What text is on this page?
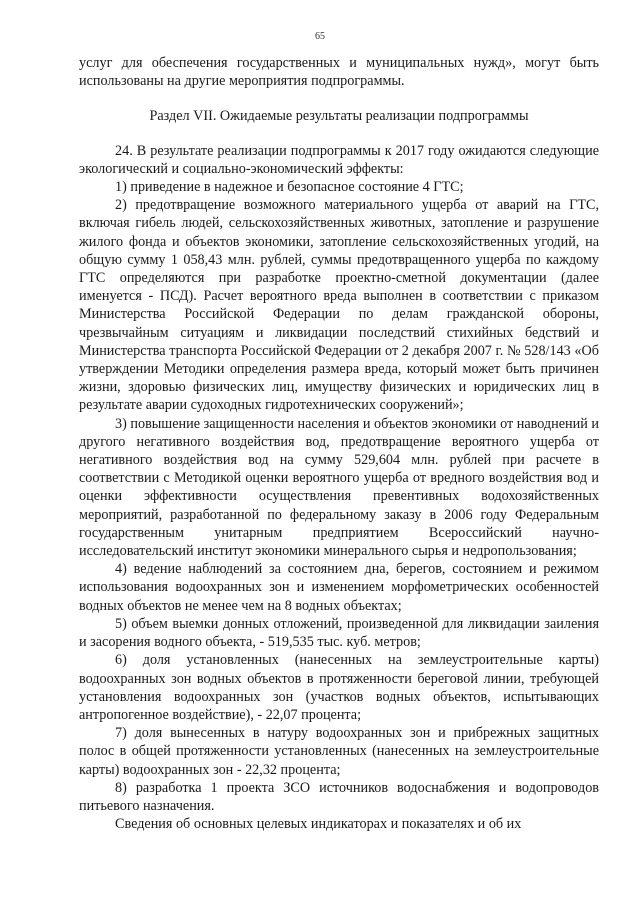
65

услуг для обеспечения государственных и муниципальных нужд», могут быть использованы на другие мероприятия подпрограммы.

Раздел VII. Ожидаемые результаты реализации подпрограммы

24. В результате реализации подпрограммы к 2017 году ожидаются следующие экологический и социально-экономический эффекты:

1) приведение в надежное и безопасное состояние 4 ГТС;

2) предотвращение возможного материального ущерба от аварий на ГТС, включая гибель людей, сельскохозяйственных животных, затопление и разрушение жилого фонда и объектов экономики, затопление сельскохозяйственных угодий, на общую сумму 1 058,43 млн. рублей, суммы предотвращенного ущерба по каждому ГТС определяются при разработке проектно-сметной документации (далее именуется - ПСД). Расчет вероятного вреда выполнен в соответствии с приказом Министерства Российской Федерации по делам гражданской обороны, чрезвычайным ситуациям и ликвидации последствий стихийных бедствий и Министерства транспорта Российской Федерации от 2 декабря 2007 г. № 528/143 «Об утверждении Методики определения размера вреда, который может быть причинен жизни, здоровью физических лиц, имуществу физических и юридических лиц в результате аварии судоходных гидротехнических сооружений»;

3) повышение защищенности населения и объектов экономики от наводнений и другого негативного воздействия вод, предотвращение вероятного ущерба от негативного воздействия вод на сумму 529,604 млн. рублей при расчете в соответствии с Методикой оценки вероятного ущерба от вредного воздействия вод и оценки эффективности осуществления превентивных водохозяйственных мероприятий, разработанной по федеральному заказу в 2006 году Федеральным государственным унитарным предприятием Всероссийский научно-исследовательский институт экономики минерального сырья и недропользования;

4) ведение наблюдений за состоянием дна, берегов, состоянием и режимом использования водоохранных зон и изменением морфометрических особенностей водных объектов не менее чем на 8 водных объектах;

5) объем выемки донных отложений, произведенной для ликвидации заиления и засорения водного объекта, - 519,535 тыс. куб. метров;

6) доля установленных (нанесенных на землеустроительные карты) водоохранных зон водных объектов в протяженности береговой линии, требующей установления водоохранных зон (участков водных объектов, испытывающих антропогенное воздействие), - 22,07 процента;

7) доля вынесенных в натуру водоохранных зон и прибрежных защитных полос в общей протяженности установленных (нанесенных на землеустроительные карты) водоохранных зон - 22,32 процента;

8) разработка 1 проекта ЗСО источников водоснабжения и водопроводов питьевого назначения.

Сведения об основных целевых индикаторах и показателях и об их
